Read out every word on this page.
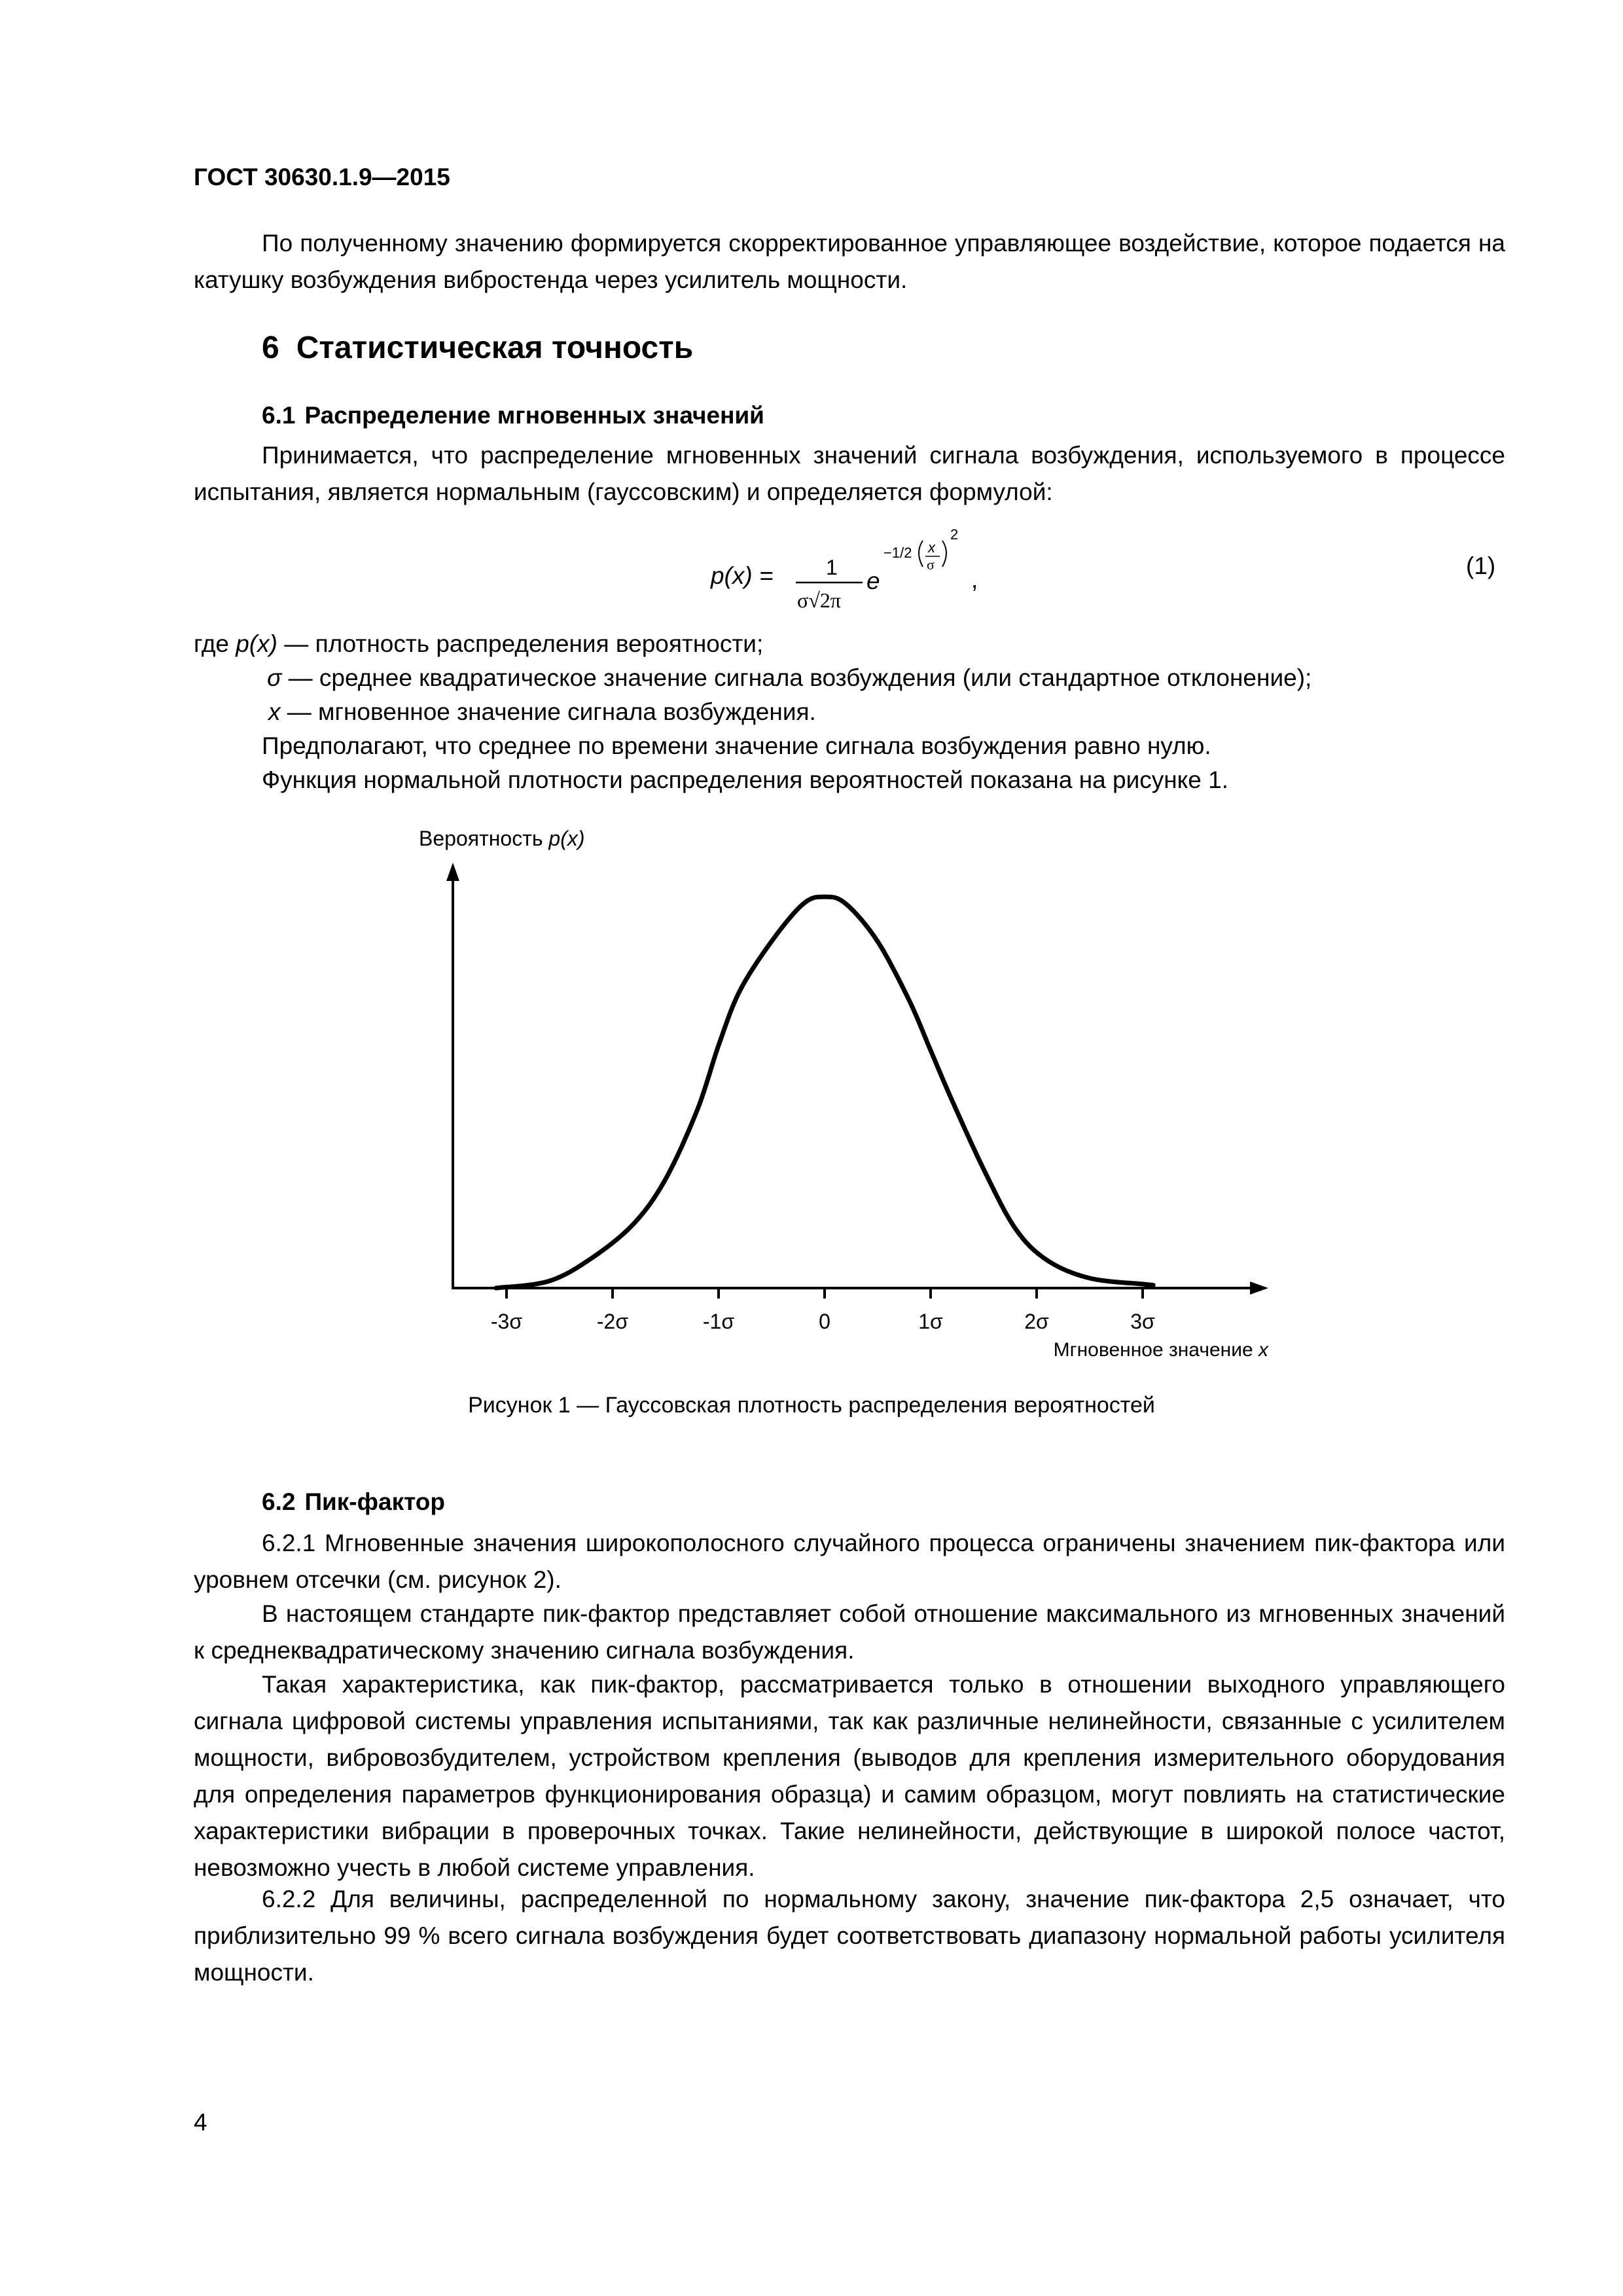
ГОСТ 30630.1.9—2015

По полученному значению формируется скорректированное управляющее воздействие, которое подается на катушку возбуждения вибростенда через усилитель мощности.

6 Статистическая точность
6.1 Распределение мгновенных значений

Принимается, что распределение мгновенных значений сигнала возбуждения, используемого в процессе испытания, является нормальным (гауссовским) и определяется формулой:

p(x) =	1
σ√2π
e
−1/2 x
σ
2
,
(1)

где p(x) — плотность распределения вероятности;

σ — среднее квадратическое значение сигнала возбуждения (или стандартное отклонение);

x — мгновенное значение сигнала возбуждения.

Предполагают, что среднее по времени значение сигнала возбуждения равно нулю.

Функция нормальной плотности распределения вероятностей показана на рисунке 1.

Вероятность p(x)
-3σ	-2σ	-1σ	0	1σ	2σ	3σ
Мгновенное значение x
Рисунок 1 — Гауссовская плотность распределения вероятностей
6.2 Пик-фактор

6.2.1 Мгновенные значения широкополосного случайного процесса ограничены значением пик-фактора или уровнем отсечки (см. рисунок 2).

В настоящем стандарте пик-фактор представляет собой отношение максимального из мгновенных значений к среднеквадратическому значению сигнала возбуждения.

Такая характеристика, как пик-фактор, рассматривается только в отношении выходного управляющего сигнала цифровой системы управления испытаниями, так как различные нелинейности, связанные с усилителем мощности, вибровозбудителем, устройством крепления (выводов для крепления измерительного оборудования для определения параметров функционирования образца) и самим образцом, могут повлиять на статистические характеристики вибрации в проверочных точках. Такие нелинейности, действующие в широкой полосе частот, невозможно учесть в любой системе управления.

6.2.2 Для величины, распределенной по нормальному закону, значение пик-фактора 2,5 означает, что приблизительно 99 % всего сигнала возбуждения будет соответствовать диапазону нормальной работы усилителя мощности.

4
